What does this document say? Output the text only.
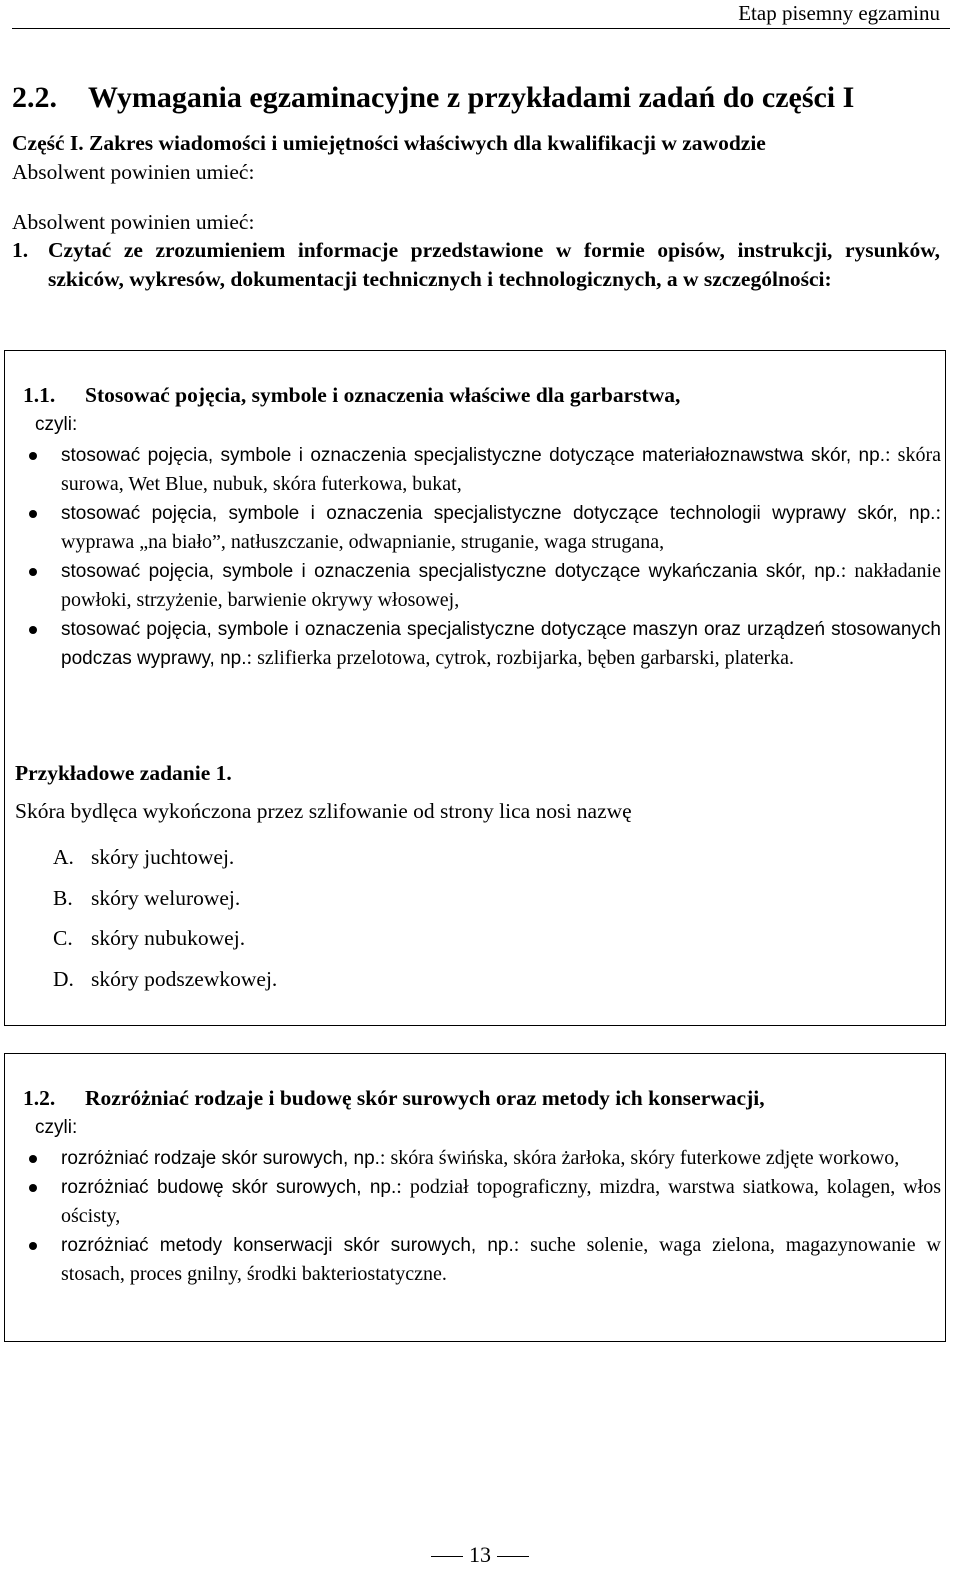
Etap pisemny egzaminu
2.2. Wymagania egzaminacyjne z przykładami zadań do części I
Część I. Zakres wiadomości i umiejętności właściwych dla kwalifikacji w zawodzie
Absolwent powinien umieć:
Absolwent powinien umieć:
1. Czytać ze zrozumieniem informacje przedstawione w formie opisów, instrukcji, rysunków, szkiców, wykresów, dokumentacji technicznych i technologicznych, a w szczególności:
1.1. Stosować pojęcia, symbole i oznaczenia właściwe dla garbarstwa,
czyli:
stosować pojęcia, symbole i oznaczenia specjalistyczne dotyczące materiałoznawstwa skór, np.: skóra surowa, Wet Blue, nubuk, skóra futerkowa, bukat,
stosować pojęcia, symbole i oznaczenia specjalistyczne dotyczące technologii wyprawy skór, np.: wyprawa „na biało”, natłuszczanie, odwapnianie, struganie, waga strugana,
stosować pojęcia, symbole i oznaczenia specjalistyczne dotyczące wykańczania skór, np.: nakładanie powłoki, strzyżenie, barwienie okrywy włosowej,
stosować pojęcia, symbole i oznaczenia specjalistyczne dotyczące maszyn oraz urządzeń stosowanych podczas wyprawy, np.: szlifierka przelotowa, cytrok, rozbijarka, bęben garbarski, platerka.
Przykładowe zadanie 1.
Skóra bydlęca wykończona przez szlifowanie od strony lica nosi nazwę
A. skóry juchtowej.
B. skóry welurowej.
C. skóry nubukowej.
D. skóry podszewkowej.
1.2. Rozróżniać rodzaje i budowę skór surowych oraz metody ich konserwacji,
czyli:
rozróżniać rodzaje skór surowych, np.: skóra świńska, skóra żarłoka, skóry futerkowe zdjęte workowo,
rozróżniać budowę skór surowych, np.: podział topograficzny, mizdra, warstwa siatkowa, kolagen, włos ościsty,
rozróżniać metody konserwacji skór surowych, np.: suche solenie, waga zielona, magazynowanie w stosach, proces gnilny, środki bakteriostatyczne.
13
